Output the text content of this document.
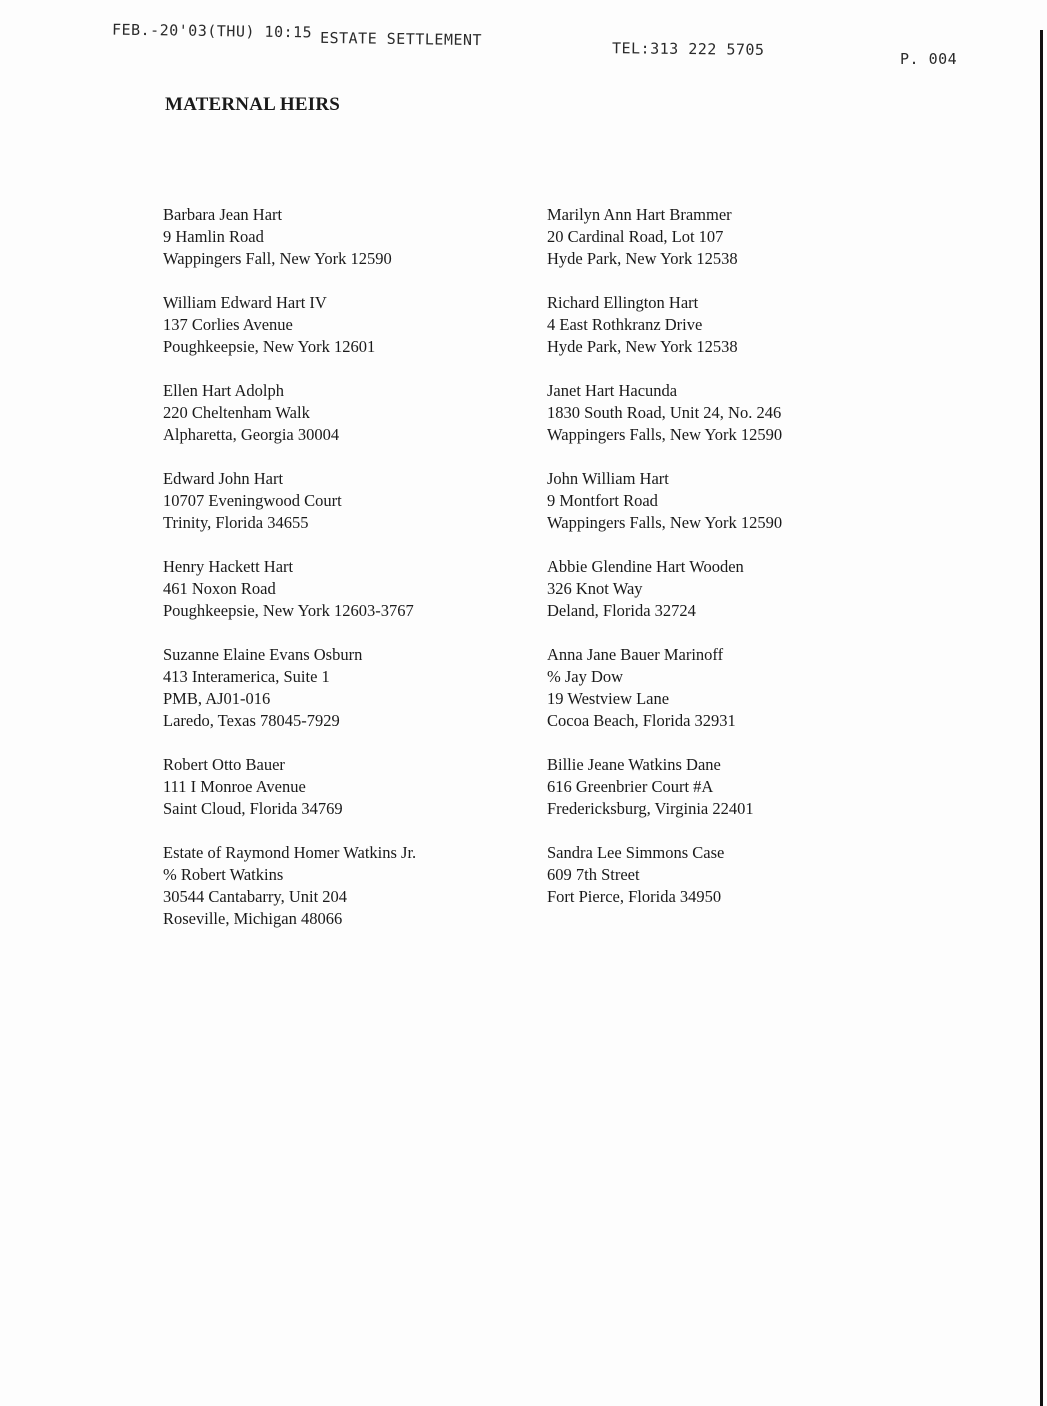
FEB.-20'03(THU) 10:15 ESTATE SETTLEMENT	TEL:313 222 5705
P. 004
MATERNAL HEIRS
Barbara Jean Hart
9 Hamlin Road
Wappingers Fall, New York 12590
William Edward Hart IV
137 Corlies Avenue
Poughkeepsie, New York 12601
Ellen Hart Adolph
220 Cheltenham Walk
Alpharetta, Georgia 30004
Edward John Hart
10707 Eveningwood Court
Trinity, Florida 34655
Henry Hackett Hart
461 Noxon Road
Poughkeepsie, New York 12603-3767
Suzanne Elaine Evans Osburn
413 Interamerica, Suite 1
PMB, AJ01-016
Laredo, Texas 78045-7929
Robert Otto Bauer
111 I Monroe Avenue
Saint Cloud, Florida 34769
Estate of Raymond Homer Watkins Jr.
% Robert Watkins
30544 Cantabarry, Unit 204
Roseville, Michigan 48066
Marilyn Ann Hart Brammer
20 Cardinal Road, Lot 107
Hyde Park, New York 12538
Richard Ellington Hart
4 East Rothkranz Drive
Hyde Park, New York 12538
Janet Hart Hacunda
1830 South Road, Unit 24, No. 246
Wappingers Falls, New York 12590
John William Hart
9 Montfort Road
Wappingers Falls, New York 12590
Abbie Glendine Hart Wooden
326 Knot Way
Deland, Florida 32724
Anna Jane Bauer Marinoff
% Jay Dow
19 Westview Lane
Cocoa Beach, Florida 32931
Billie Jeane Watkins Dane
616 Greenbrier Court #A
Fredericksburg, Virginia 22401
Sandra Lee Simmons Case
609 7th Street
Fort Pierce, Florida 34950
